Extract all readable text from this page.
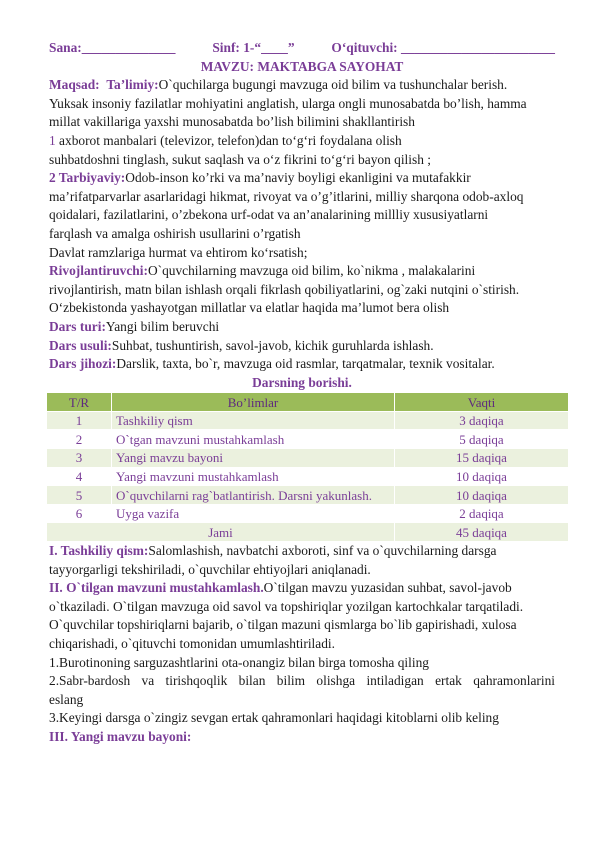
Sana:______________	Sinf: 1-“____”	O‘qituvchi: _______________________
MAVZU: MAKTABGA SAYOHAT
Maqsad: Ta’limiy:O`quchilarga bugungi mavzuga oid bilim va tushunchalar berish.
Yuksak insoniy fazilatlar mohiyatini anglatish, ularga ongli munosabatda bo’lish, hamma
millat vakillariga yaxshi munosabatda bo’lish bilimini shakllantirish
1 axborot manbalari (televizor, telefon)dan to‘g‘ri foydalana olish
suhbatdoshni tinglash, sukut saqlash va o‘z fikrini to‘g‘ri bayon qilish ;
2 Tarbiyaviy:Odob-inson ko’rki va ma’naviy boyligi ekanligini va mutafakkir
ma’rifatparvarlar asarlaridagi hikmat, rivoyat va o’g’itlarini, milliy sharqona odob-axloq
qoidalari, fazilatlarini, o’zbekona urf-odat va an’analarining millliy xususiyatlarni
farqlash va amalga oshirish usullarini o’rgatish
Davlat ramzlariga hurmat va ehtirom ko‘rsatish;
Rivojlantiruvchi:O`quvchilarning mavzuga oid bilim, ko`nikma , malakalarini
rivojlantirish, matn bilan ishlash orqali fikrlash qobiliyatlarini, og`zaki nutqini o`stirish.
O‘zbekistonda yashayotgan millatlar va elatlar haqida ma’lumot bera olish
Dars turi:Yangi bilim beruvchi
Dars usuli:Suhbat, tushuntirish, savol-javob, kichik guruhlarda ishlash.
Dars jihozi:Darslik, taxta, bo`r, mavzuga oid rasmlar, tarqatmalar, texnik vositalar.
Darsning borishi.
T/R	Bo’limlar	Vaqti
1	Tashkiliy qism	3 daqiqa
2	O`tgan mavzuni mustahkamlash	5 daqiqa
3	Yangi mavzu bayoni	15 daqiqa
4	Yangi mavzuni mustahkamlash	10 daqiqa
5	O`quvchilarni rag`batlantirish. Darsni yakunlash.	10 daqiqa
6	Uyga vazifa	2 daqiqa
Jami		45 daqiqa
I. Tashkiliy qism:Salomlashish, navbatchi axboroti, sinf va o`quvchilarning darsga
tayyorgarligi tekshiriladi, o`quvchilar ehtiyojlari aniqlanadi.
II. O`tilgan mavzuni mustahkamlash.O`tilgan mavzu yuzasidan suhbat, savol-javob
o`tkaziladi. O`tilgan mavzuga oid savol va topshiriqlar yozilgan kartochkalar tarqatiladi.
O`quvchilar topshiriqlarni bajarib, o`tilgan mazuni qismlarga bo`lib gapirishadi, xulosa
chiqarishadi, o`qituvchi tomonidan umumlashtiriladi.
1.Burotinoning sarguzashtlarini ota-onangiz bilan birga tomosha qiling
2.Sabr-bardosh va tirishqoqlik bilan bilim olishga intiladigan ertak qahramonlarini
eslang
3.Keyingi darsga o`zingiz sevgan ertak qahramonlari haqidagi kitoblarni olib keling
III. Yangi mavzu bayoni:
